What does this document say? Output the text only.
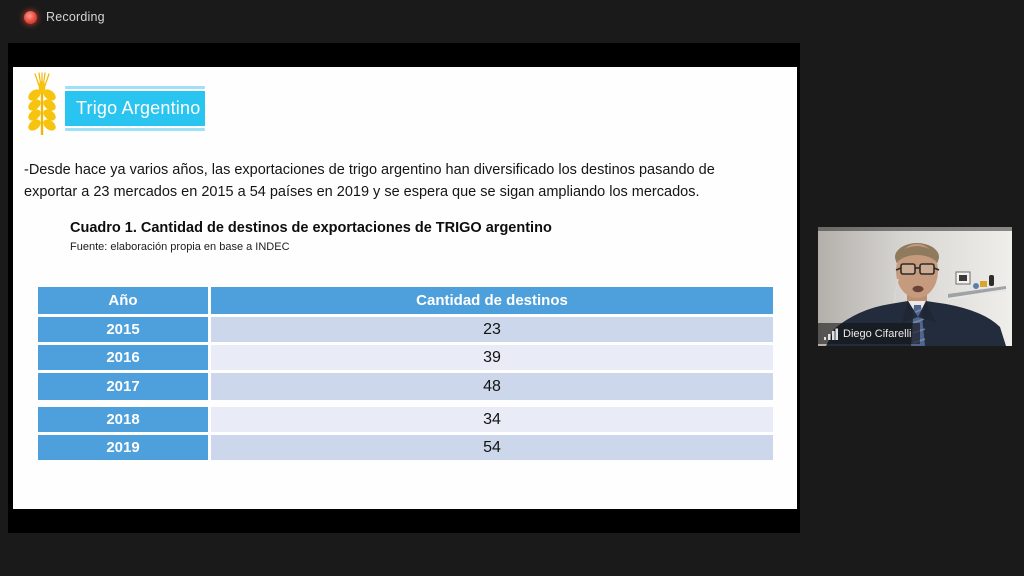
Recording
Trigo Argentino
-Desde hace ya varios años, las exportaciones de trigo argentino han diversificado los destinos pasando de
exportar a 23 mercados en 2015 a 54 países en 2019 y se espera que se sigan ampliando los mercados.
Cuadro 1. Cantidad de destinos de exportaciones de TRIGO argentino
Fuente: elaboración propia en base a INDEC
Año	Cantidad de destinos
2015	23
2016	39
2017	48
2018	34
2019	54
Diego Cifarelli
